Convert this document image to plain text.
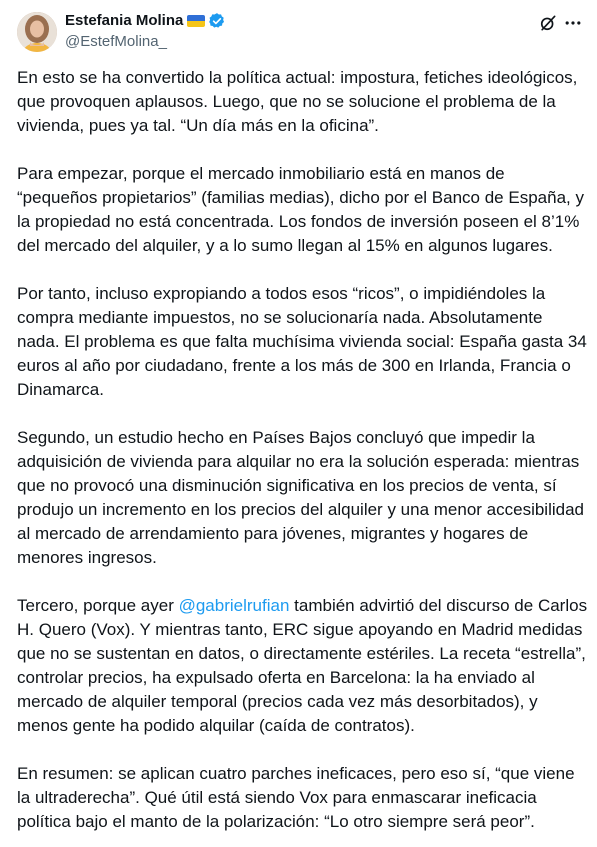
Estefania Molina
@EstefMolina_

En esto se ha convertido la política actual: impostura, fetiches ideológicos, que provoquen aplausos. Luego, que no se solucione el problema de la vivienda, pues ya tal. “Un día más en la oficina”.

Para empezar, porque el mercado inmobiliario está en manos de “pequeños propietarios” (familias medias), dicho por el Banco de España, y la propiedad no está concentrada. Los fondos de inversión poseen el 8’1% del mercado del alquiler, y a lo sumo llegan al 15% en algunos lugares.

Por tanto, incluso expropiando a todos esos “ricos”, o impidiéndoles la compra mediante impuestos, no se solucionaría nada. Absolutamente nada. El problema es que falta muchísima vivienda social: España gasta 34 euros al año por ciudadano, frente a los más de 300 en Irlanda, Francia o Dinamarca.

Segundo, un estudio hecho en Países Bajos concluyó que impedir la adquisición de vivienda para alquilar no era la solución esperada: mientras que no provocó una disminución significativa en los precios de venta, sí produjo un incremento en los precios del alquiler y una menor accesibilidad al mercado de arrendamiento para jóvenes, migrantes y hogares de menores ingresos.

Tercero, porque ayer @gabrielrufian también advirtió del discurso de Carlos H. Quero (Vox). Y mientras tanto, ERC sigue apoyando en Madrid medidas que no se sustentan en datos, o directamente estériles. La receta “estrella”, controlar precios, ha expulsado oferta en Barcelona: la ha enviado al mercado de alquiler temporal (precios cada vez más desorbitados), y menos gente ha podido alquilar (caída de contratos).

En resumen: se aplican cuatro parches ineficaces, pero eso sí, “que viene la ultraderecha”. Qué útil está siendo Vox para enmascarar ineficacia política bajo el manto de la polarización: “Lo otro siempre será peor”.
